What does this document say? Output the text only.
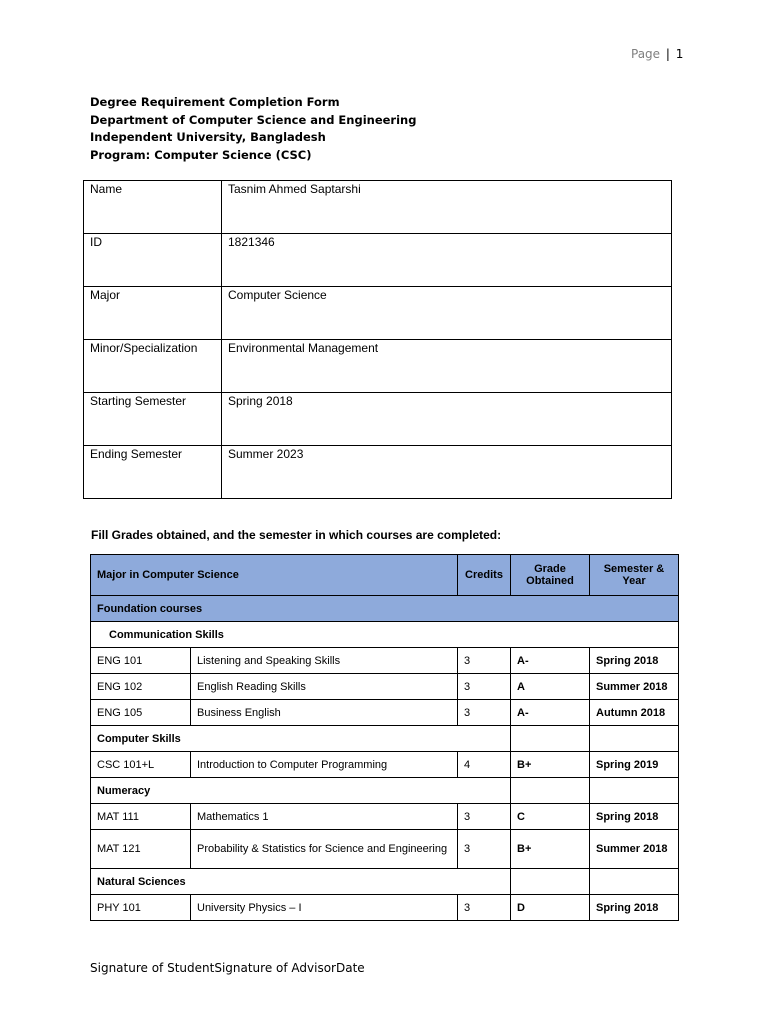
Page | 1
Degree Requirement Completion Form
Department of Computer Science and Engineering
Independent University, Bangladesh
Program: Computer Science (CSC)
Name	Tasnim Ahmed Saptarshi
ID	1821346
Major	Computer Science
Minor/Specialization	Environmental Management
Starting Semester	Spring 2018
Ending Semester	Summer 2023
Fill Grades obtained, and the semester in which courses are completed:
Major in Computer Science		Credits	Grade Obtained	Semester & Year
Foundation courses				
Communication Skills				
ENG 101	Listening and Speaking Skills	3	A-	Spring 2018
ENG 102	English Reading Skills	3	A	Summer 2018
ENG 105	Business English	3	A-	Autumn 2018
Computer Skills				
CSC 101+L	Introduction to Computer Programming	4	B+	Spring 2019
Numeracy				
MAT 111	Mathematics 1	3	C	Spring 2018
MAT 121	Probability & Statistics for Science and Engineering	3	B+	Summer 2018
Natural Sciences				
PHY 101	University Physics – I	3	D	Spring 2018
Signature of StudentSignature of AdvisorDate
